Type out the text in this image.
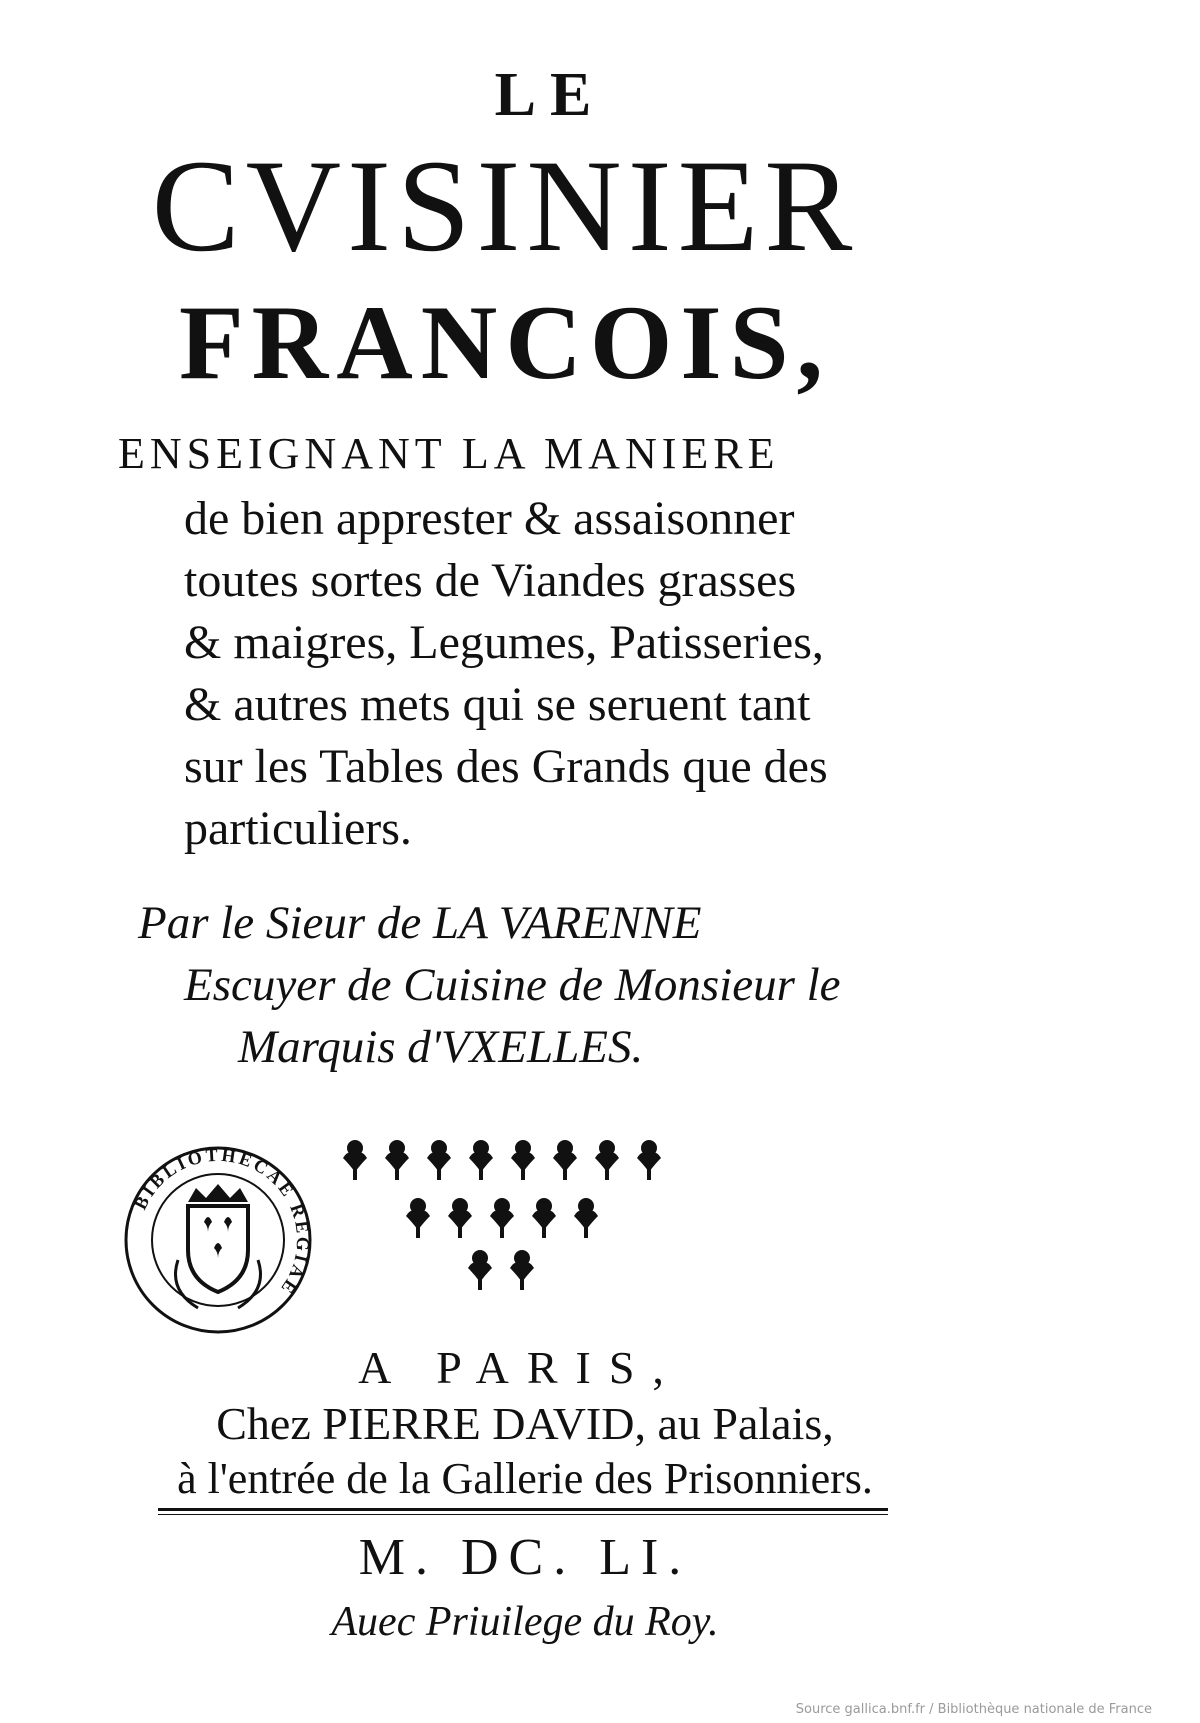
LE
CVISINIER
FRANCOIS,
ENSEIGNANT LA MANIERE
de bien apprester & assaisonner
toutes sortes de Viandes grasses
& maigres, Legumes, Patisseries,
& autres mets qui se seruent tant
sur les Tables des Grands que des
particuliers.
Par le Sieur de LA VARENNE
Escuyer de Cuisine de Monsieur le
Marquis d'VXELLES.
BIBLIOTHECAE REGIAE
A PARIS,
Chez PIERRE DAVID, au Palais,
à l'entrée de la Gallerie des Prisonniers.
M. DC. LI.
Auec Priuilege du Roy.
Source gallica.bnf.fr / Bibliothèque nationale de France
